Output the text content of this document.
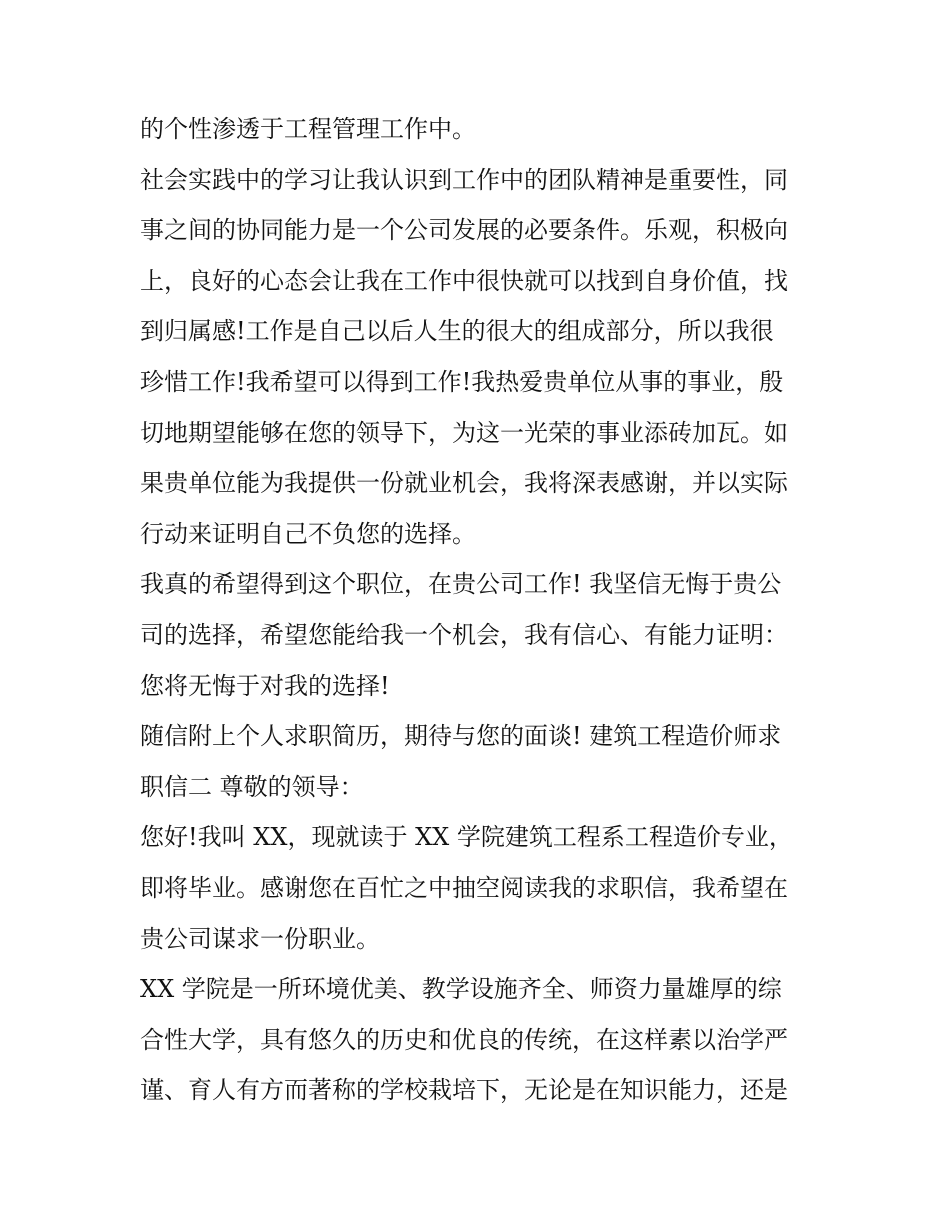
的个性渗透于工程管理工作中。
社会实践中的学习让我认识到工作中的团队精神是重要性，同
事之间的协同能力是一个公司发展的必要条件。乐观，积极向
上，良好的心态会让我在工作中很快就可以找到自身价值，找
到归属感!工作是自己以后人生的很大的组成部分，所以我很
珍惜工作!我希望可以得到工作!我热爱贵单位从事的事业，殷
切地期望能够在您的领导下，为这一光荣的事业添砖加瓦。如
果贵单位能为我提供一份就业机会，我将深表感谢，并以实际
行动来证明自己不负您的选择。
我真的希望得到这个职位，在贵公司工作! 我坚信无悔于贵公
司的选择，希望您能给我一个机会，我有信心、有能力证明：
您将无悔于对我的选择!
随信附上个人求职简历，期待与您的面谈! 建筑工程造价师求
职信二 尊敬的领导：
您好!我叫 XX，现就读于 XX 学院建筑工程系工程造价专业，
即将毕业。感谢您在百忙之中抽空阅读我的求职信，我希望在
贵公司谋求一份职业。
XX 学院是一所环境优美、教学设施齐全、师资力量雄厚的综
合性大学，具有悠久的历史和优良的传统，在这样素以治学严
谨、育人有方而著称的学校栽培下，无论是在知识能力，还是
